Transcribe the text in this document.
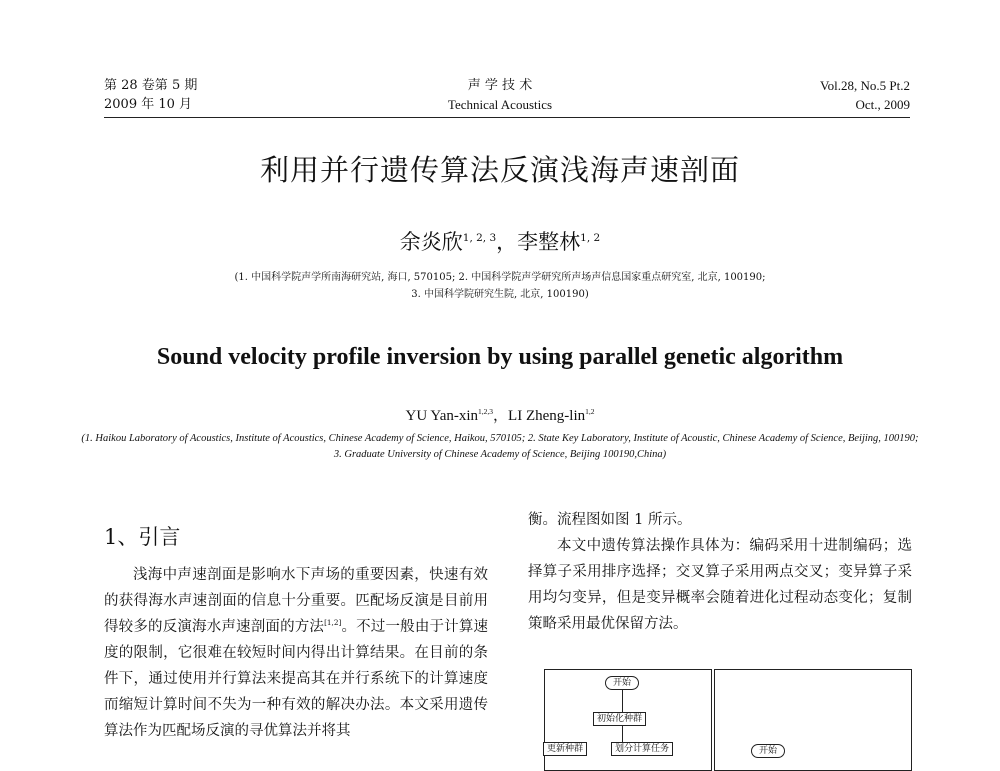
第 28 卷第 5 期
2009 年 10 月
声 学 技 术
Technical Acoustics
Vol.28, No.5 Pt.2
Oct., 2009
利用并行遗传算法反演浅海声速剖面
余炎欣$^{1, 2, 3}$，李整林$^{1, 2}$
(1. 中国科学院声学所南海研究站, 海口, 570105; 2. 中国科学院声学研究所声场声信息国家重点研究室, 北京, 100190;
3. 中国科学院研究生院, 北京, 100190)
Sound velocity profile inversion by using parallel genetic algorithm
YU Yan-xin$^{1,2,3}$，LI Zheng-lin$^{1,2}$
(1. Haikou Laboratory of Acoustics, Institute of Acoustics, Chinese Academy of Science, Haikou, 570105; 2. State Key Laboratory, Institute of Acoustic, Chinese Academy of Science, Beijing, 100190; 3. Graduate University of Chinese Academy of Science, Beijing 100190,China)
1、引言

浅海中声速剖面是影响水下声场的重要因素，快速有效的获得海水声速剖面的信息十分重要。匹配场反演是目前用得较多的反演海水声速剖面的方法[1,2]。不过一般由于计算速度的限制，它很难在较短时间内得出计算结果。在目前的条件下，通过使用并行算法来提高其在并行系统下的计算速度而缩短计算时间不失为一种有效的解决办法。本文采用遗传算法作为匹配场反演的寻优算法并将其

衡。流程图如图 1 所示。

本文中遗传算法操作具体为：编码采用十进制编码；选择算子采用排序选择；交叉算子采用两点交叉；变异算子采用均匀变异，但是变异概率会随着进化过程动态变化；复制策略采用最优保留方法。

开始
初始化种群
更新种群	划分计算任务	开始
